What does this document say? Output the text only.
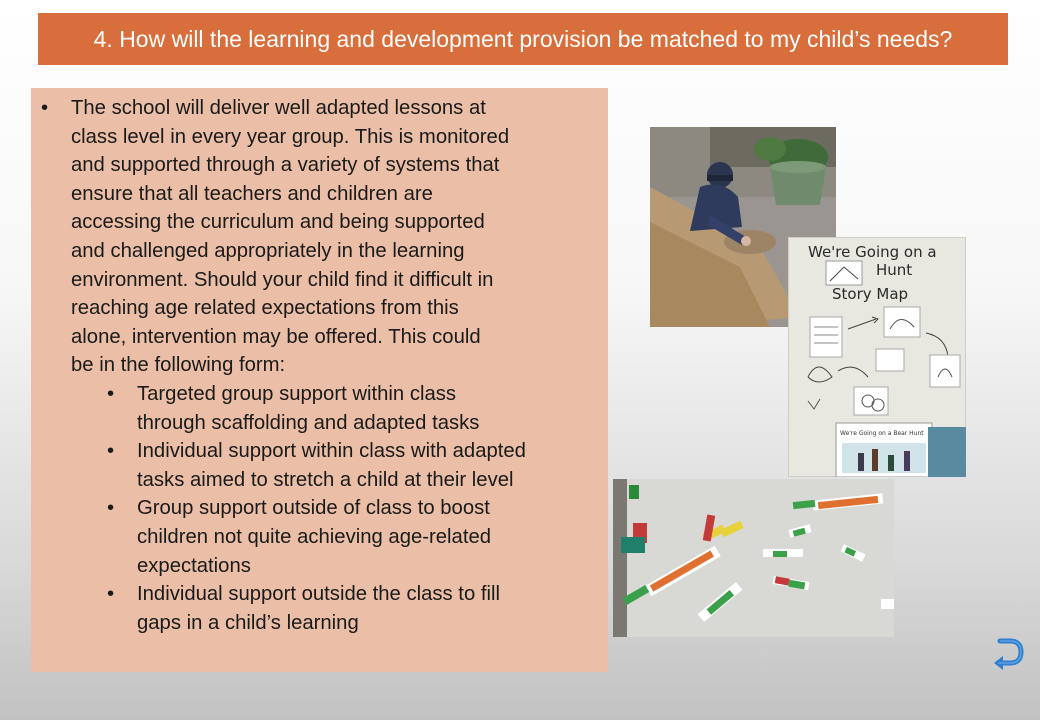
4. How will the learning and development provision be matched to my child’s needs?
•	The school will deliver well adapted lessons at
class level in every year group. This is monitored
and supported through a variety of systems that
ensure that all teachers and children are
accessing the curriculum and being supported
and challenged appropriately in the learning
environment. Should your child find it difficult in
reaching age related expectations from this
alone, intervention may be offered. This could
be in the following form:
•	Targeted group support within class
through scaffolding and adapted tasks
•	Individual support within class with adapted
tasks aimed to stretch a child at their level
•	Group support outside of class to boost
children not quite achieving age-related
expectations
•	Individual support outside the class to fill
gaps in a child’s learning
We're Going on a
Hunt
Story Map
We're Going on a Bear Hunt
